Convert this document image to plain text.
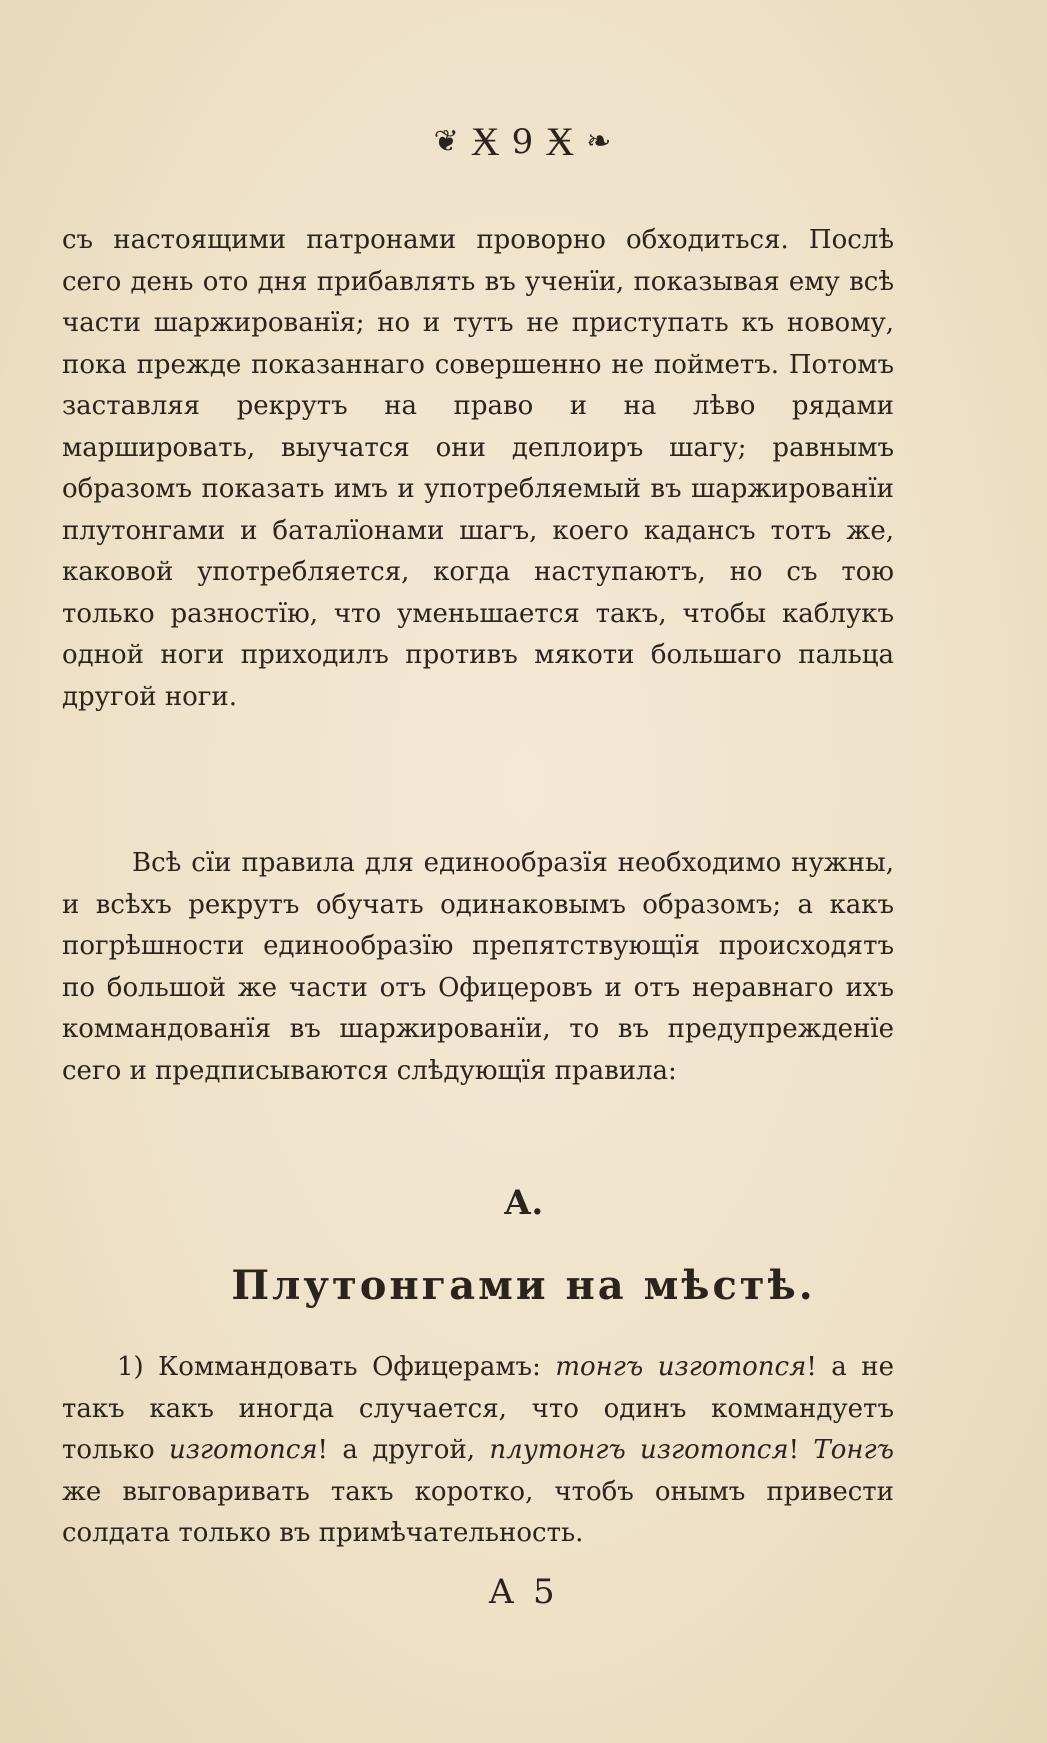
❦ Ӿ 9 Ӿ ❧
съ настоящими патронами проворно обходиться. Послѣ сего день ото дня прибавлять въ ученїи, показывая ему всѣ части шаржированїя; но и тутъ не приступать къ новому, пока прежде показаннаго совершенно не пойметъ. Потомъ заставляя рекрутъ на право и на лѣво рядами маршировать, выучатся они деплоиръ шагу; равнымъ образомъ показать имъ и употребляемый въ шаржированїи плутонгами и баталїонами шагъ, коего кадансъ тотъ же, каковой употребляется, когда наступаютъ, но съ тою только разностїю, что уменьшается такъ, чтобы каблукъ одной ноги приходилъ противъ мякоти большаго пальца другой ноги.
Всѣ сїи правила для единообразїя необходимо нужны, и всѣхъ рекрутъ обучать одинаковымъ образомъ; а какъ погрѣшности единообразїю препятствующїя происходятъ по большой же части отъ Офицеровъ и отъ неравнаго ихъ коммандованїя въ шаржированїи, то въ предупрежденїе сего и предписываются слѣдующїя правила:
А.
Плутонгами на мѣстѣ.
1) Коммандовать Офицерамъ: тонгъ изготопся! а не такъ какъ иногда случается, что одинъ коммандуетъ только изготопся! а другой, плутонгъ изготопся! Тонгъ же выговаривать такъ коротко, чтобъ онымъ привести солдата только въ примѣчательность.
А 5
